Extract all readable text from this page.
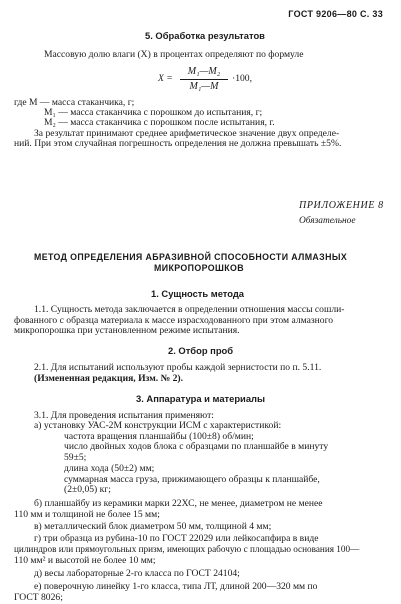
ГОСТ 9206—80 С. 33
5. Обработка результатов
Массовую долю влаги (X) в процентах определяют по формуле
X =
M₁—M₂
M₁—M
·100,
где М — масса стаканчика, г;
M₁ — масса стаканчика с порошком до испытания, г;
M₂ — масса стаканчика с порошком после испытания, г.
За результат принимают среднее арифметическое значение двух определе-
ний. При этом случайная погрешность определения не должна превышать ±5%.
ПРИЛОЖЕНИЕ 8
Обязательное
МЕТОД ОПРЕДЕЛЕНИЯ АБРАЗИВНОЙ СПОСОБНОСТИ АЛМАЗНЫХ
МИКРОПОРОШКОВ
1. Сущность метода
1.1. Сущность метода заключается в определении отношения массы сошли-
фованного с образца материала к массе израсходованного при этом алмазного
микропорошка при установленном режиме испытания.
2. Отбор проб
2.1. Для испытаний используют пробы каждой зернистости по п. 5.11.
(Измененная редакция, Изм. № 2).
3. Аппаратура и материалы
3.1. Для проведения испытания применяют:
а) установку УАС-2М конструкции ИСМ с характеристикой:
частота вращения планшайбы (100±8) об/мин;
число двойных ходов блока с образцами по планшайбе в минуту
59±5;
длина хода (50±2) мм;
суммарная масса груза, прижимающего образцы к планшайбе,
(2±0,05) кг;
б) планшайбу из керамики марки 22ХС, не менее, диаметром не менее
110 мм и толщиной не более 15 мм;
в) металлический блок диаметром 50 мм, толщиной 4 мм;
г) три образца из рубина-10 по ГОСТ 22029 или лейкосапфира в виде
цилиндров или прямоугольных призм, имеющих рабочую с площадью основания 100—
110 мм² и высотой не более 10 мм;
д) весы лабораторные 2-го класса по ГОСТ 24104;
е) поверочную линейку 1-го класса, типа ЛТ, длиной 200—320 мм по
ГОСТ 8026;
